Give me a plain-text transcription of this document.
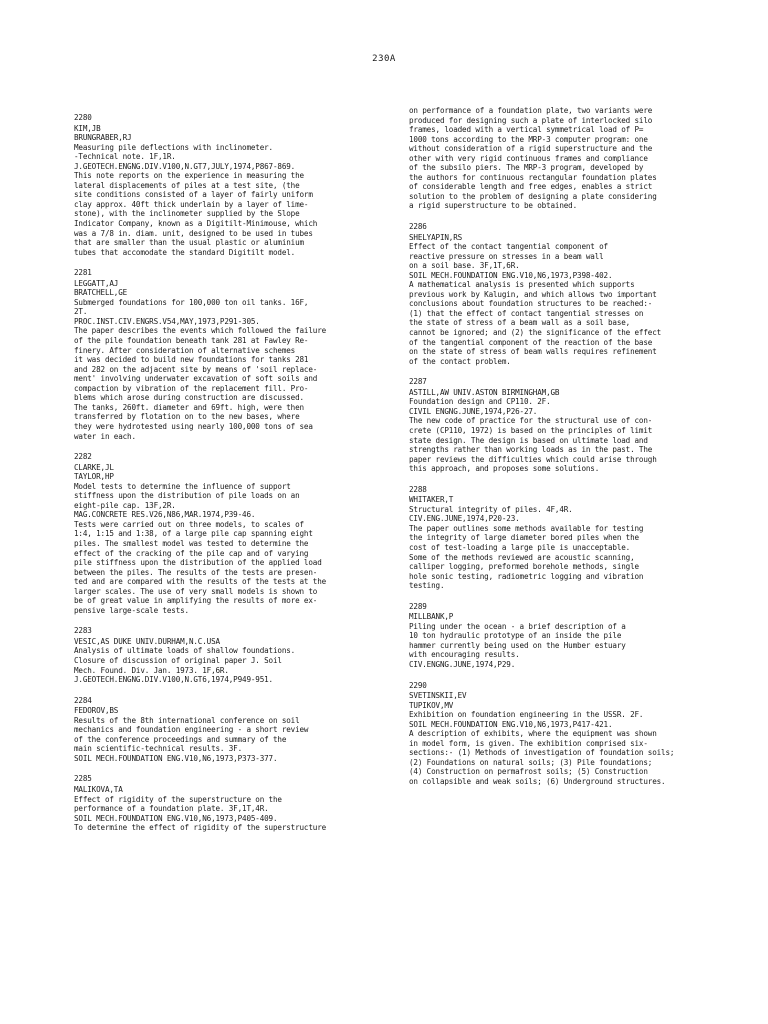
230A
2280
KIM,JB
BRUNGRABER,RJ
Measuring pile deflections with inclinometer.
-Technical note. 1F,1R.
J.GEOTECH.ENGNG.DIV.V100,N.GT7,JULY,1974,P867-869.
This note reports on the experience in measuring the
lateral displacements of piles at a test site, (the
site conditions consisted of a layer of fairly uniform
clay approx. 40ft thick underlain by a layer of lime-
stone), with the inclinometer supplied by the Slope
Indicator Company, known as a Digitilt-Minimouse, which
was a 7/8 in. diam. unit, designed to be used in tubes
that are smaller than the usual plastic or aluminium
tubes that accomodate the standard Digitilt model.
2281
LEGGATT,AJ
BRATCHELL,GE
Submerged foundations for 100,000 ton oil tanks. 16F,
2T.
PROC.INST.CIV.ENGRS.V54,MAY,1973,P291-305.
The paper describes the events which followed the failure
of the pile foundation beneath tank 281 at Fawley Re-
finery. After consideration of alternative schemes
it was decided to build new foundations for tanks 281
and 282 on the adjacent site by means of 'soil replace-
ment' involving underwater excavation of soft soils and
compaction by vibration of the replacement fill. Pro-
blems which arose during construction are discussed.
The tanks, 260ft. diameter and 69ft. high, were then
transferred by flotation on to the new bases, where
they were hydrotested using nearly 100,000 tons of sea
water in each.
2282
CLARKE,JL
TAYLOR,HP
Model tests to determine the influence of support
stiffness upon the distribution of pile loads on an
eight-pile cap. 13F,2R.
MAG.CONCRETE RES.V26,N86,MAR.1974,P39-46.
Tests were carried out on three models, to scales of
1:4, 1:15 and 1:38, of a large pile cap spanning eight
piles. The smallest model was tested to determine the
effect of the cracking of the pile cap and of varying
pile stiffness upon the distribution of the applied load
between the piles. The results of the tests are presen-
ted and are compared with the results of the tests at the
larger scales. The use of very small models is shown to
be of great value in amplifying the results of more ex-
pensive large-scale tests.
2283
VESIC,AS DUKE UNIV.DURHAM,N.C.USA
Analysis of ultimate loads of shallow foundations.
Closure of discussion of original paper J. Soil
Mech. Found. Div. Jan. 1973. 1F,6R.
J.GEOTECH.ENGNG.DIV.V100,N.GT6,1974,P949-951.
2284
FEDOROV,BS
Results of the 8th international conference on soil
mechanics and foundation engineering - a short review
of the conference proceedings and summary of the
main scientific-technical results. 3F.
SOIL MECH.FOUNDATION ENG.V10,N6,1973,P373-377.
2285
MALIKOVA,TA
Effect of rigidity of the superstructure on the
performance of a foundation plate. 3F,1T,4R.
SOIL MECH.FOUNDATION ENG.V10,N6,1973,P405-409.
To determine the effect of rigidity of the superstructure
on performance of a foundation plate, two variants were
produced for designing such a plate of interlocked silo
frames, loaded with a vertical symmetrical load of P=
1000 tons according to the MRP-3 computer program: one
without consideration of a rigid superstructure and the
other with very rigid continuous frames and compliance
of the subsilo piers. The MRP-3 program, developed by
the authors for continuous rectangular foundation plates
of considerable length and free edges, enables a strict
solution to the problem of designing a plate considering
a rigid superstructure to be obtained.
2286
SHELYAPIN,RS
Effect of the contact tangential component of
reactive pressure on stresses in a beam wall
on a soil base. 3F,1T,6R.
SOIL MECH.FOUNDATION ENG.V10,N6,1973,P398-402.
A mathematical analysis is presented which supports
previous work by Kalugin, and which allows two important
conclusions about foundation structures to be reached:-
(1) that the effect of contact tangential stresses on
the state of stress of a beam wall as a soil base,
cannot be ignored; and (2) the significance of the effect
of the tangential component of the reaction of the base
on the state of stress of beam walls requires refinement
of the contact problem.
2287
ASTILL,AW UNIV.ASTON BIRMINGHAM,GB
Foundation design and CP110. 2F.
CIVIL ENGNG.JUNE,1974,P26-27.
The new code of practice for the structural use of con-
crete (CP110, 1972) is based on the principles of limit
state design. The design is based on ultimate load and
strengths rather than working loads as in the past. The
paper reviews the difficulties which could arise through
this approach, and proposes some solutions.
2288
WHITAKER,T
Structural integrity of piles. 4F,4R.
CIV.ENG.JUNE,1974,P20-23.
The paper outlines some methods available for testing
the integrity of large diameter bored piles when the
cost of test-loading a large pile is unacceptable.
Some of the methods reviewed are acoustic scanning,
calliper logging, preformed borehole methods, single
hole sonic testing, radiometric logging and vibration
testing.
2289
MILLBANK,P
Piling under the ocean - a brief description of a
10 ton hydraulic prototype of an inside the pile
hammer currently being used on the Humber estuary
with encouraging results.
CIV.ENGNG.JUNE,1974,P29.
2290
SVETINSKII,EV
TUPIKOV,MV
Exhibition on foundation engineering in the USSR. 2F.
SOIL MECH.FOUNDATION ENG.V10,N6,1973,P417-421.
A description of exhibits, where the equipment was shown
in model form, is given. The exhibition comprised six-
sections:- (1) Methods of investigation of foundation soils;
(2) Foundations on natural soils; (3) Pile foundations;
(4) Construction on permafrost soils; (5) Construction
on collapsible and weak soils; (6) Underground structures.
